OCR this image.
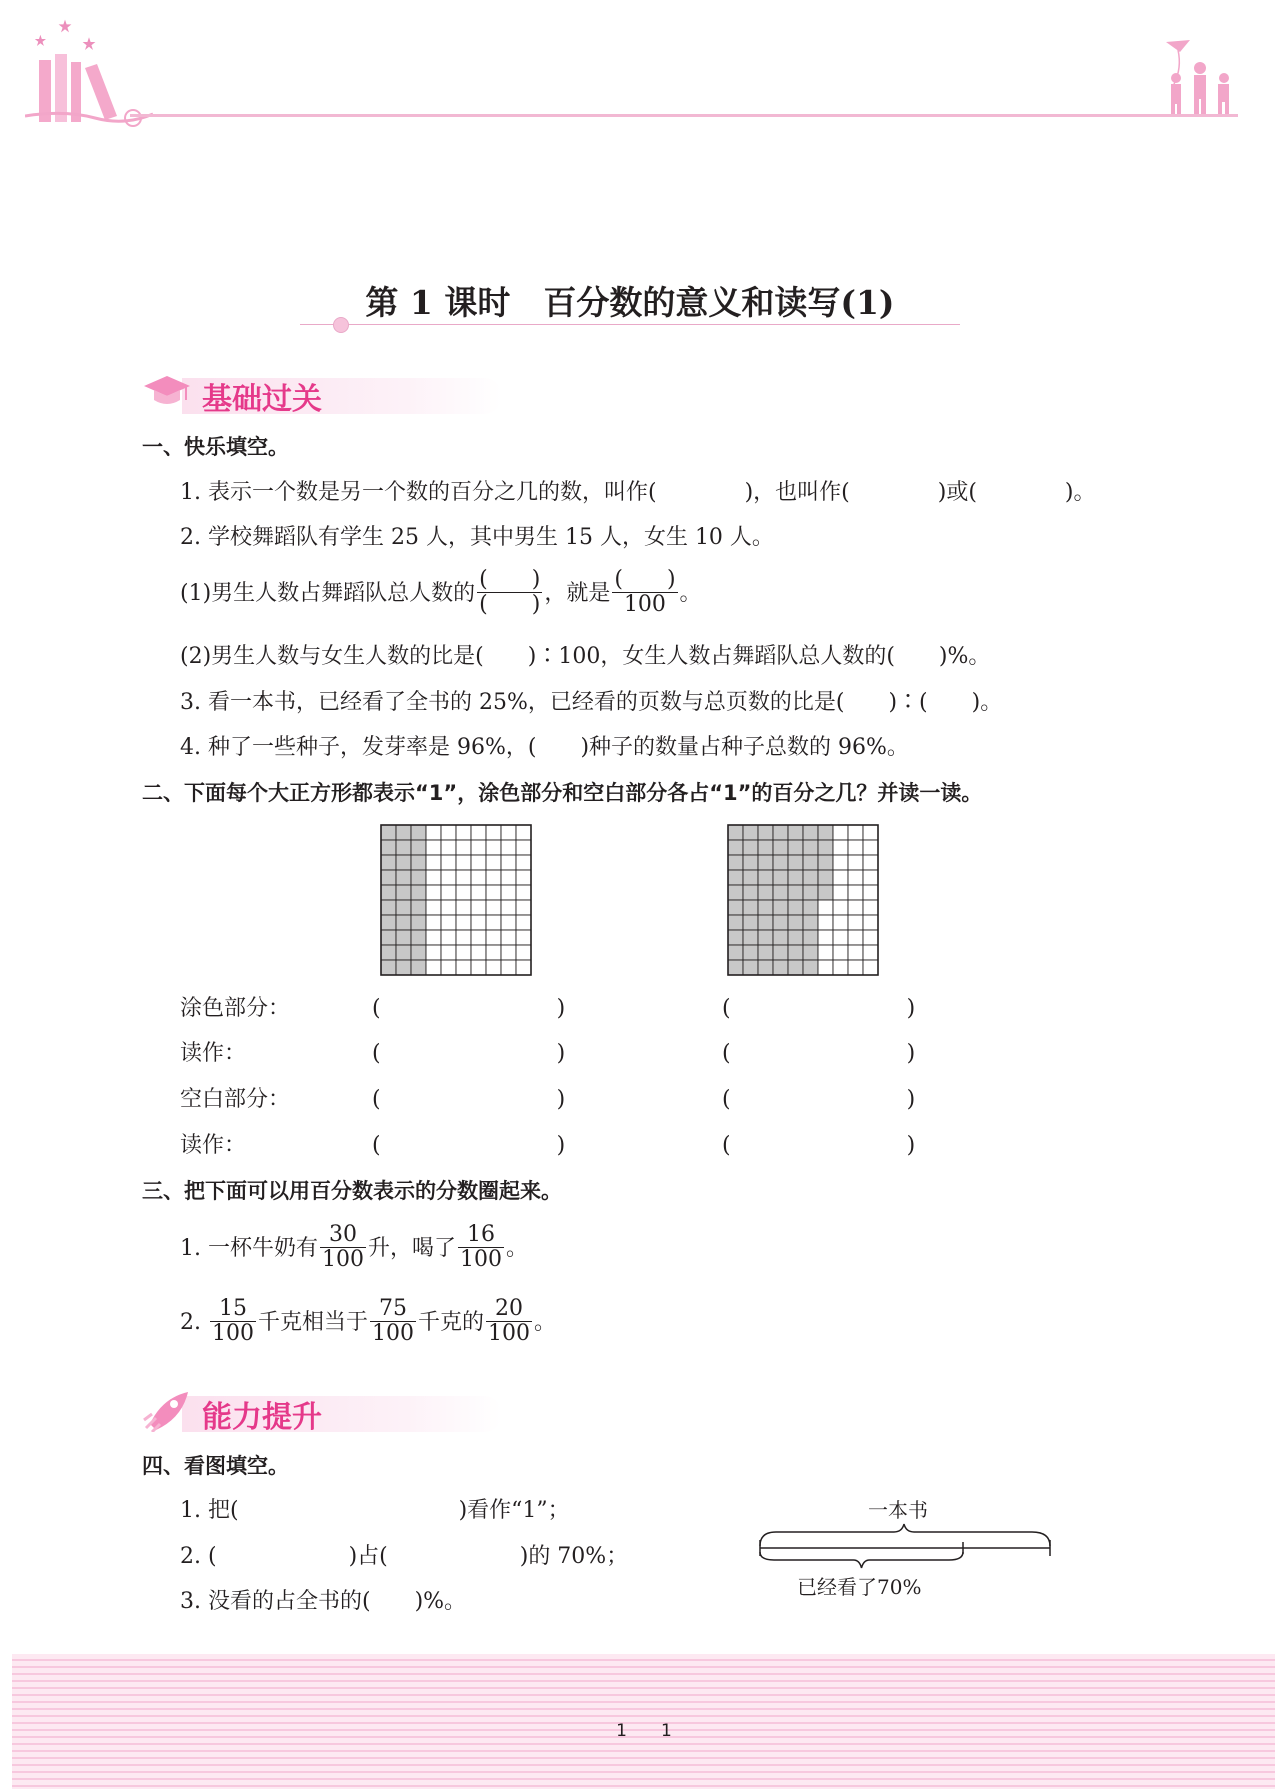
第 1 课时　百分数的意义和读写(1)
基础过关
一、快乐填空。
1. 表示一个数是另一个数的百分之几的数，叫作(　　　　)，也叫作(　　　　)或(　　　　)。
2. 学校舞蹈队有学生 25 人，其中男生 15 人，女生 10 人。
(1)男生人数占舞蹈队总人数的 $\frac{( )}{( )}$ ，就是 $\frac{( )}{100}$ 。
(2)男生人数与女生人数的比是(　　)∶100，女生人数占舞蹈队总人数的(　　)%。
3. 看一本书，已经看了全书的 25%，已经看的页数与总页数的比是(　　)∶(　　)。
4. 种了一些种子，发芽率是 96%，(　　)种子的数量占种子总数的 96%。
二、下面每个大正方形都表示“1”，涂色部分和空白部分各占“1”的百分之几？并读一读。
涂色部分：	(　　　　　　　　)	(　　　　　　　　)
读作：	(　　　　　　　　)	(　　　　　　　　)
空白部分：	(　　　　　　　　)	(　　　　　　　　)
读作：	(　　　　　　　　)	(　　　　　　　　)
三、把下面可以用百分数表示的分数圈起来。
1. 一杯牛奶有 $\frac{30}{100}$ 升，喝了 $\frac{16}{100}$ 。
2. $\frac{15}{100}$ 千克相当于 $\frac{75}{100}$ 千克的 $\frac{20}{100}$ 。
能力提升
四、看图填空。
1. 把(　　　　　　　　　　)看作“1”；
2. (　　　　　　)占(　　　　　　)的 70%；
3. 没看的占全书的(　　)%。
一本书
已经看了70%
1　　1
